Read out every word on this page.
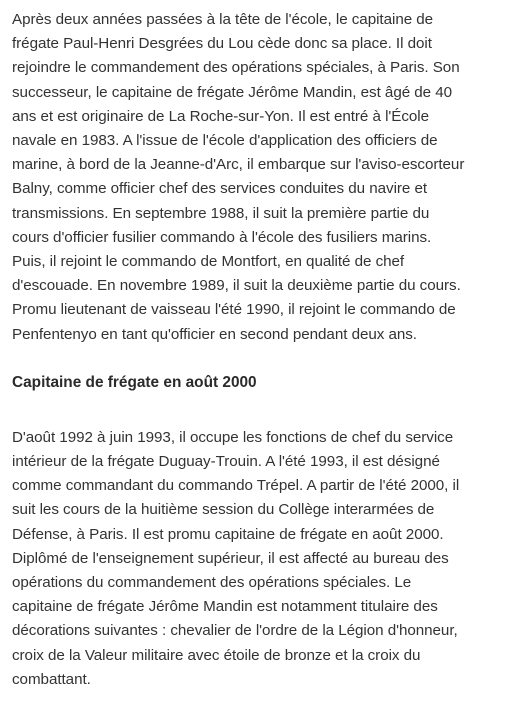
Après deux années passées à la tête de l'école, le capitaine de
frégate Paul-Henri Desgrées du Lou cède donc sa place. Il doit
rejoindre le commandement des opérations spéciales, à Paris. Son
successeur, le capitaine de frégate Jérôme Mandin, est âgé de 40
ans et est originaire de La Roche-sur-Yon. Il est entré à l'École
navale en 1983. A l'issue de l'école d'application des officiers de
marine, à bord de la Jeanne-d'Arc, il embarque sur l'aviso-escorteur
Balny, comme officier chef des services conduites du navire et
transmissions. En septembre 1988, il suit la première partie du
cours d'officier fusilier commando à l'école des fusiliers marins.
Puis, il rejoint le commando de Montfort, en qualité de chef
d'escouade. En novembre 1989, il suit la deuxième partie du cours.
Promu lieutenant de vaisseau l'été 1990, il rejoint le commando de
Penfentenyo en tant qu'officier en second pendant deux ans.

Capitaine de frégate en août 2000

D'août 1992 à juin 1993, il occupe les fonctions de chef du service
intérieur de la frégate Duguay-Trouin. A l'été 1993, il est désigné
comme commandant du commando Trépel. A partir de l'été 2000, il
suit les cours de la huitième session du Collège interarmées de
Défense, à Paris. Il est promu capitaine de frégate en août 2000.
Diplômé de l'enseignement supérieur, il est affecté au bureau des
opérations du commandement des opérations spéciales. Le
capitaine de frégate Jérôme Mandin est notamment titulaire des
décorations suivantes : chevalier de l'ordre de la Légion d'honneur,
croix de la Valeur militaire avec étoile de bronze et la croix du
combattant.
